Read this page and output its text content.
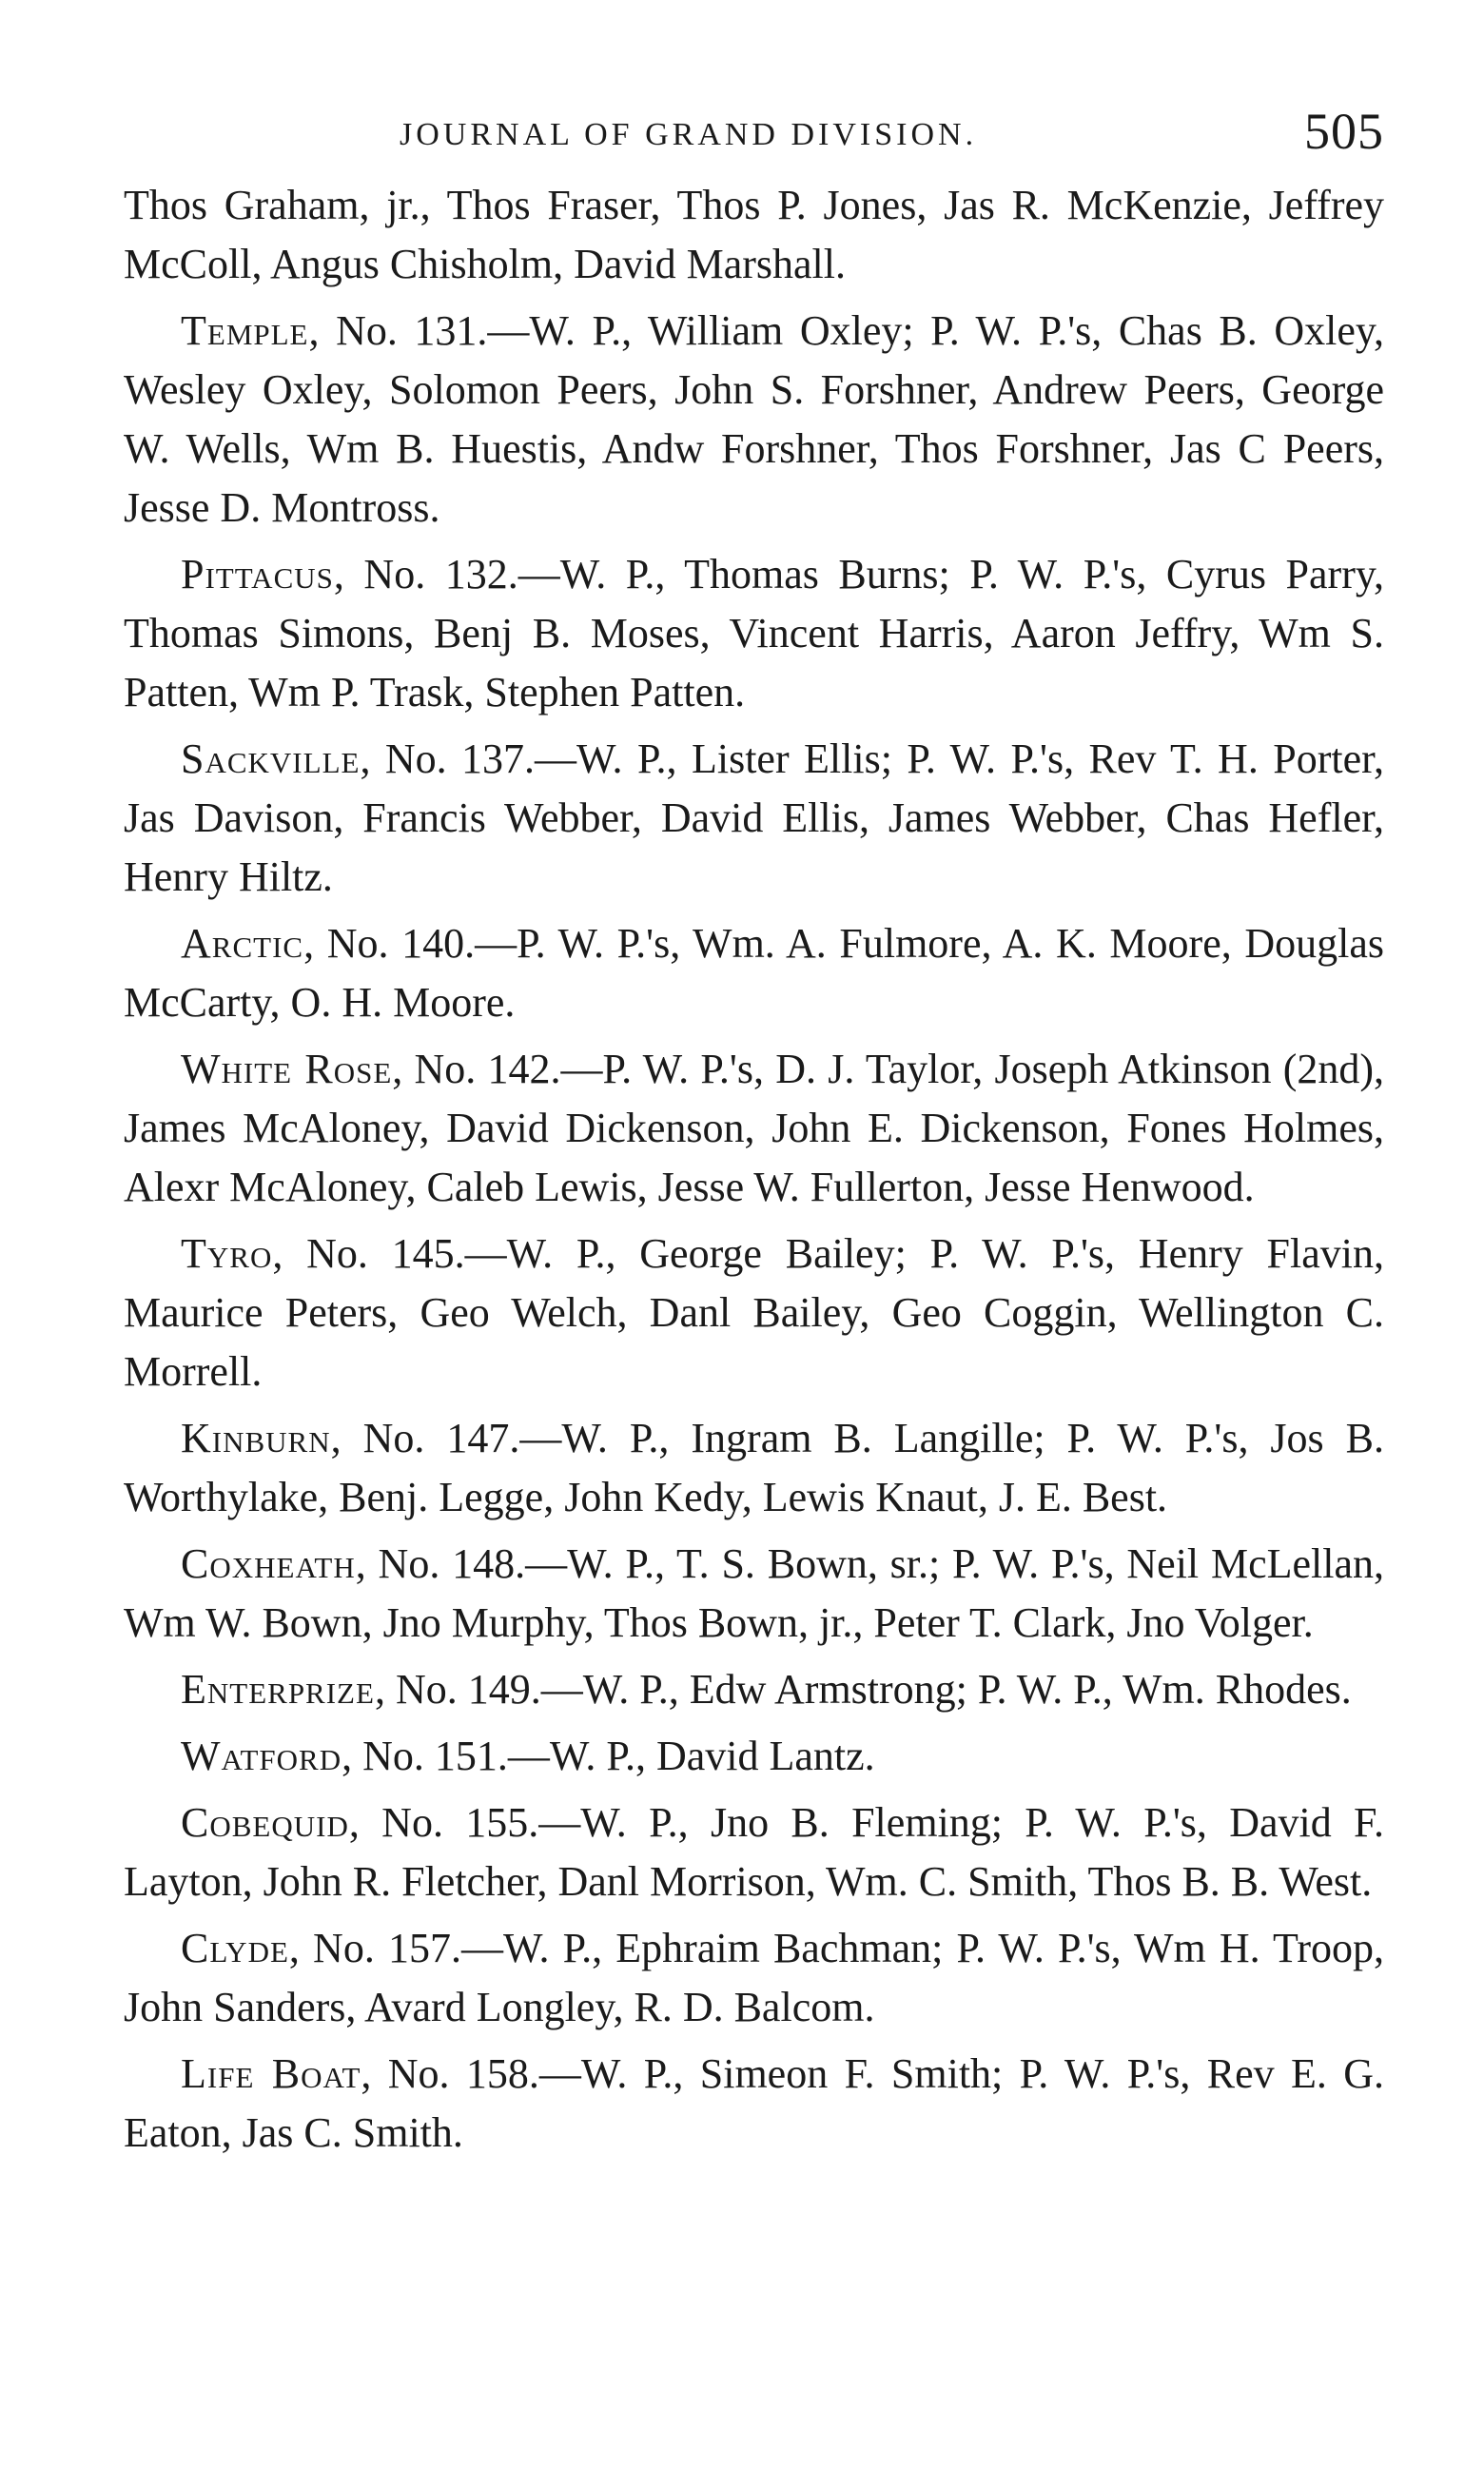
JOURNAL OF GRAND DIVISION.	505

Thos Graham, jr., Thos Fraser, Thos P. Jones, Jas R. McKenzie, Jeffrey McColl, Angus Chisholm, David Marshall.

Temple, No. 131.—W. P., William Oxley; P. W. P.'s, Chas B. Oxley, Wesley Oxley, Solomon Peers, John S. Forshner, Andrew Peers, George W. Wells, Wm B. Huestis, Andw Forshner, Thos Forshner, Jas C Peers, Jesse D. Montross.

Pittacus, No. 132.—W. P., Thomas Burns; P. W. P.'s, Cyrus Parry, Thomas Simons, Benj B. Moses, Vincent Harris, Aaron Jeffry, Wm S. Patten, Wm P. Trask, Stephen Patten.

Sackville, No. 137.—W. P., Lister Ellis; P. W. P.'s, Rev T. H. Porter, Jas Davison, Francis Webber, David Ellis, James Webber, Chas Hefler, Henry Hiltz.

Arctic, No. 140.—P. W. P.'s, Wm. A. Fulmore, A. K. Moore, Douglas McCarty, O. H. Moore.

White Rose, No. 142.—P. W. P.'s, D. J. Taylor, Joseph Atkinson (2nd), James McAloney, David Dickenson, John E. Dickenson, Fones Holmes, Alexr McAloney, Caleb Lewis, Jesse W. Fullerton, Jesse Henwood.

Tyro, No. 145.—W. P., George Bailey; P. W. P.'s, Henry Flavin, Maurice Peters, Geo Welch, Danl Bailey, Geo Coggin, Wellington C. Morrell.

Kinburn, No. 147.—W. P., Ingram B. Langille; P. W. P.'s, Jos B. Worthylake, Benj. Legge, John Kedy, Lewis Knaut, J. E. Best.

Coxheath, No. 148.—W. P., T. S. Bown, sr.; P. W. P.'s, Neil McLellan, Wm W. Bown, Jno Murphy, Thos Bown, jr., Peter T. Clark, Jno Volger.

Enterprize, No. 149.—W. P., Edw Armstrong; P. W. P., Wm. Rhodes.

Watford, No. 151.—W. P., David Lantz.

Cobequid, No. 155.—W. P., Jno B. Fleming; P. W. P.'s, David F. Layton, John R. Fletcher, Danl Morrison, Wm. C. Smith, Thos B. B. West.

Clyde, No. 157.—W. P., Ephraim Bachman; P. W. P.'s, Wm H. Troop, John Sanders, Avard Longley, R. D. Balcom.

Life Boat, No. 158.—W. P., Simeon F. Smith; P. W. P.'s, Rev E. G. Eaton, Jas C. Smith.
